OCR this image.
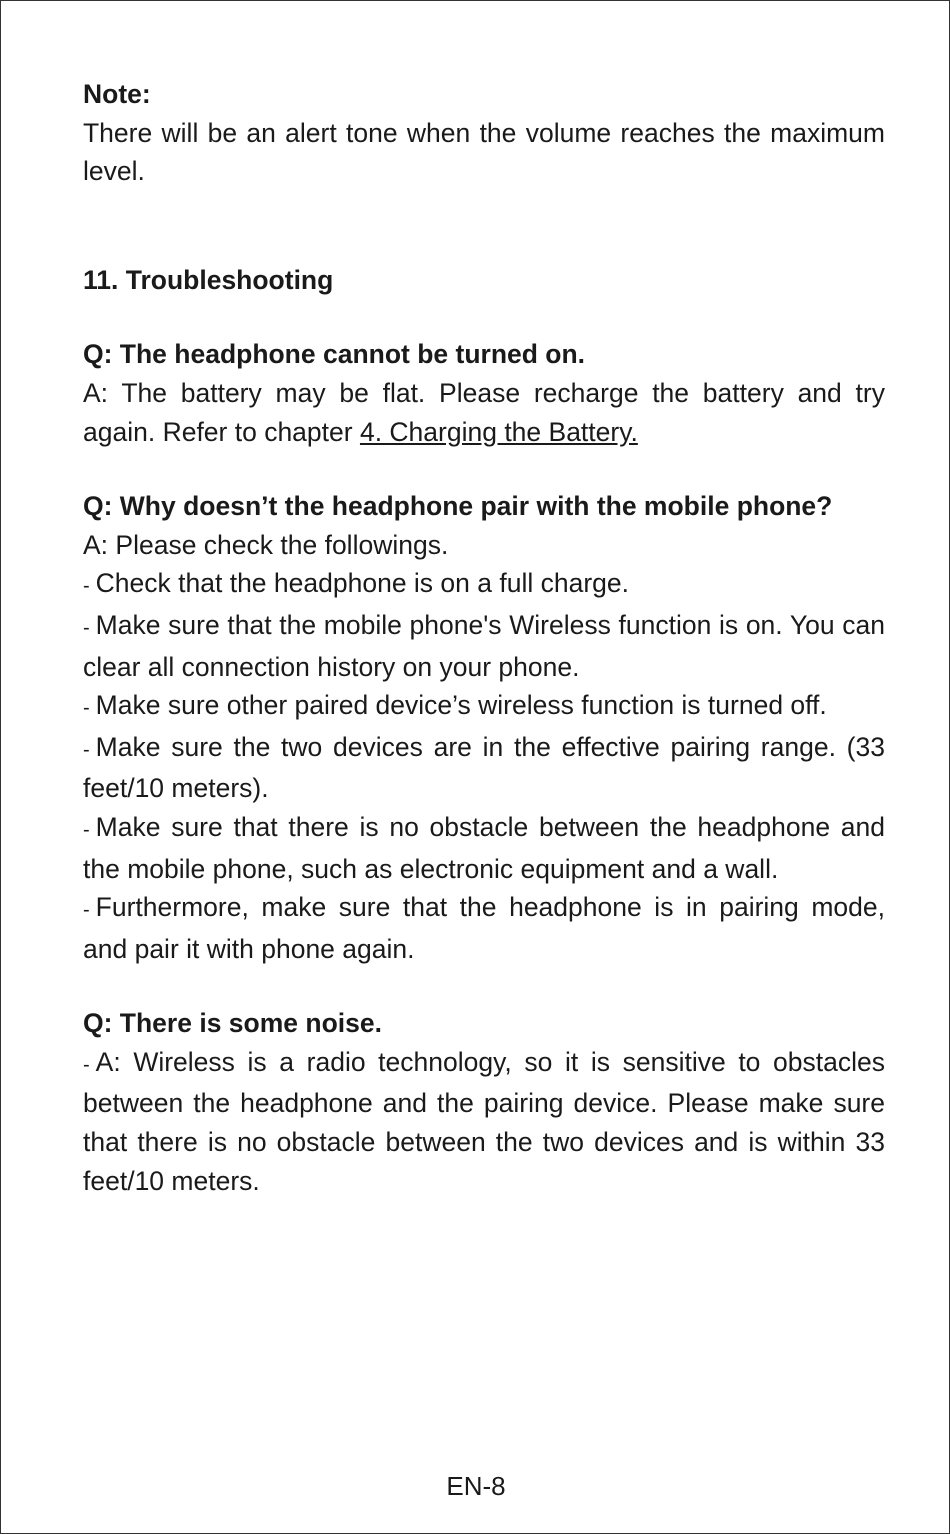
Note:

There will be an alert tone when the volume reaches the maximum level.

11. Troubleshooting

Q: The headphone cannot be turned on.

A: The battery may be flat. Please recharge the battery and try again. Refer to chapter 4. Charging the Battery.

Q: Why doesn’t the headphone pair with the mobile phone?

A: Please check the followings.

- Check that the headphone is on a full charge.

- Make sure that the mobile phone's Wireless function is on. You can clear all connection history on your phone.

- Make sure other paired device’s wireless function is turned off.

- Make sure the two devices are in the effective pairing range. (33 feet/10 meters).

- Make sure that there is no obstacle between the headphone and the mobile phone, such as electronic equipment and a wall.

- Furthermore, make sure that the headphone is in pairing mode, and pair it with phone again.

Q: There is some noise.

- A: Wireless is a radio technology, so it is sensitive to obstacles between the headphone and the pairing device. Please make sure that there is no obstacle between the two devices and is within 33 feet/10 meters.

EN-8
